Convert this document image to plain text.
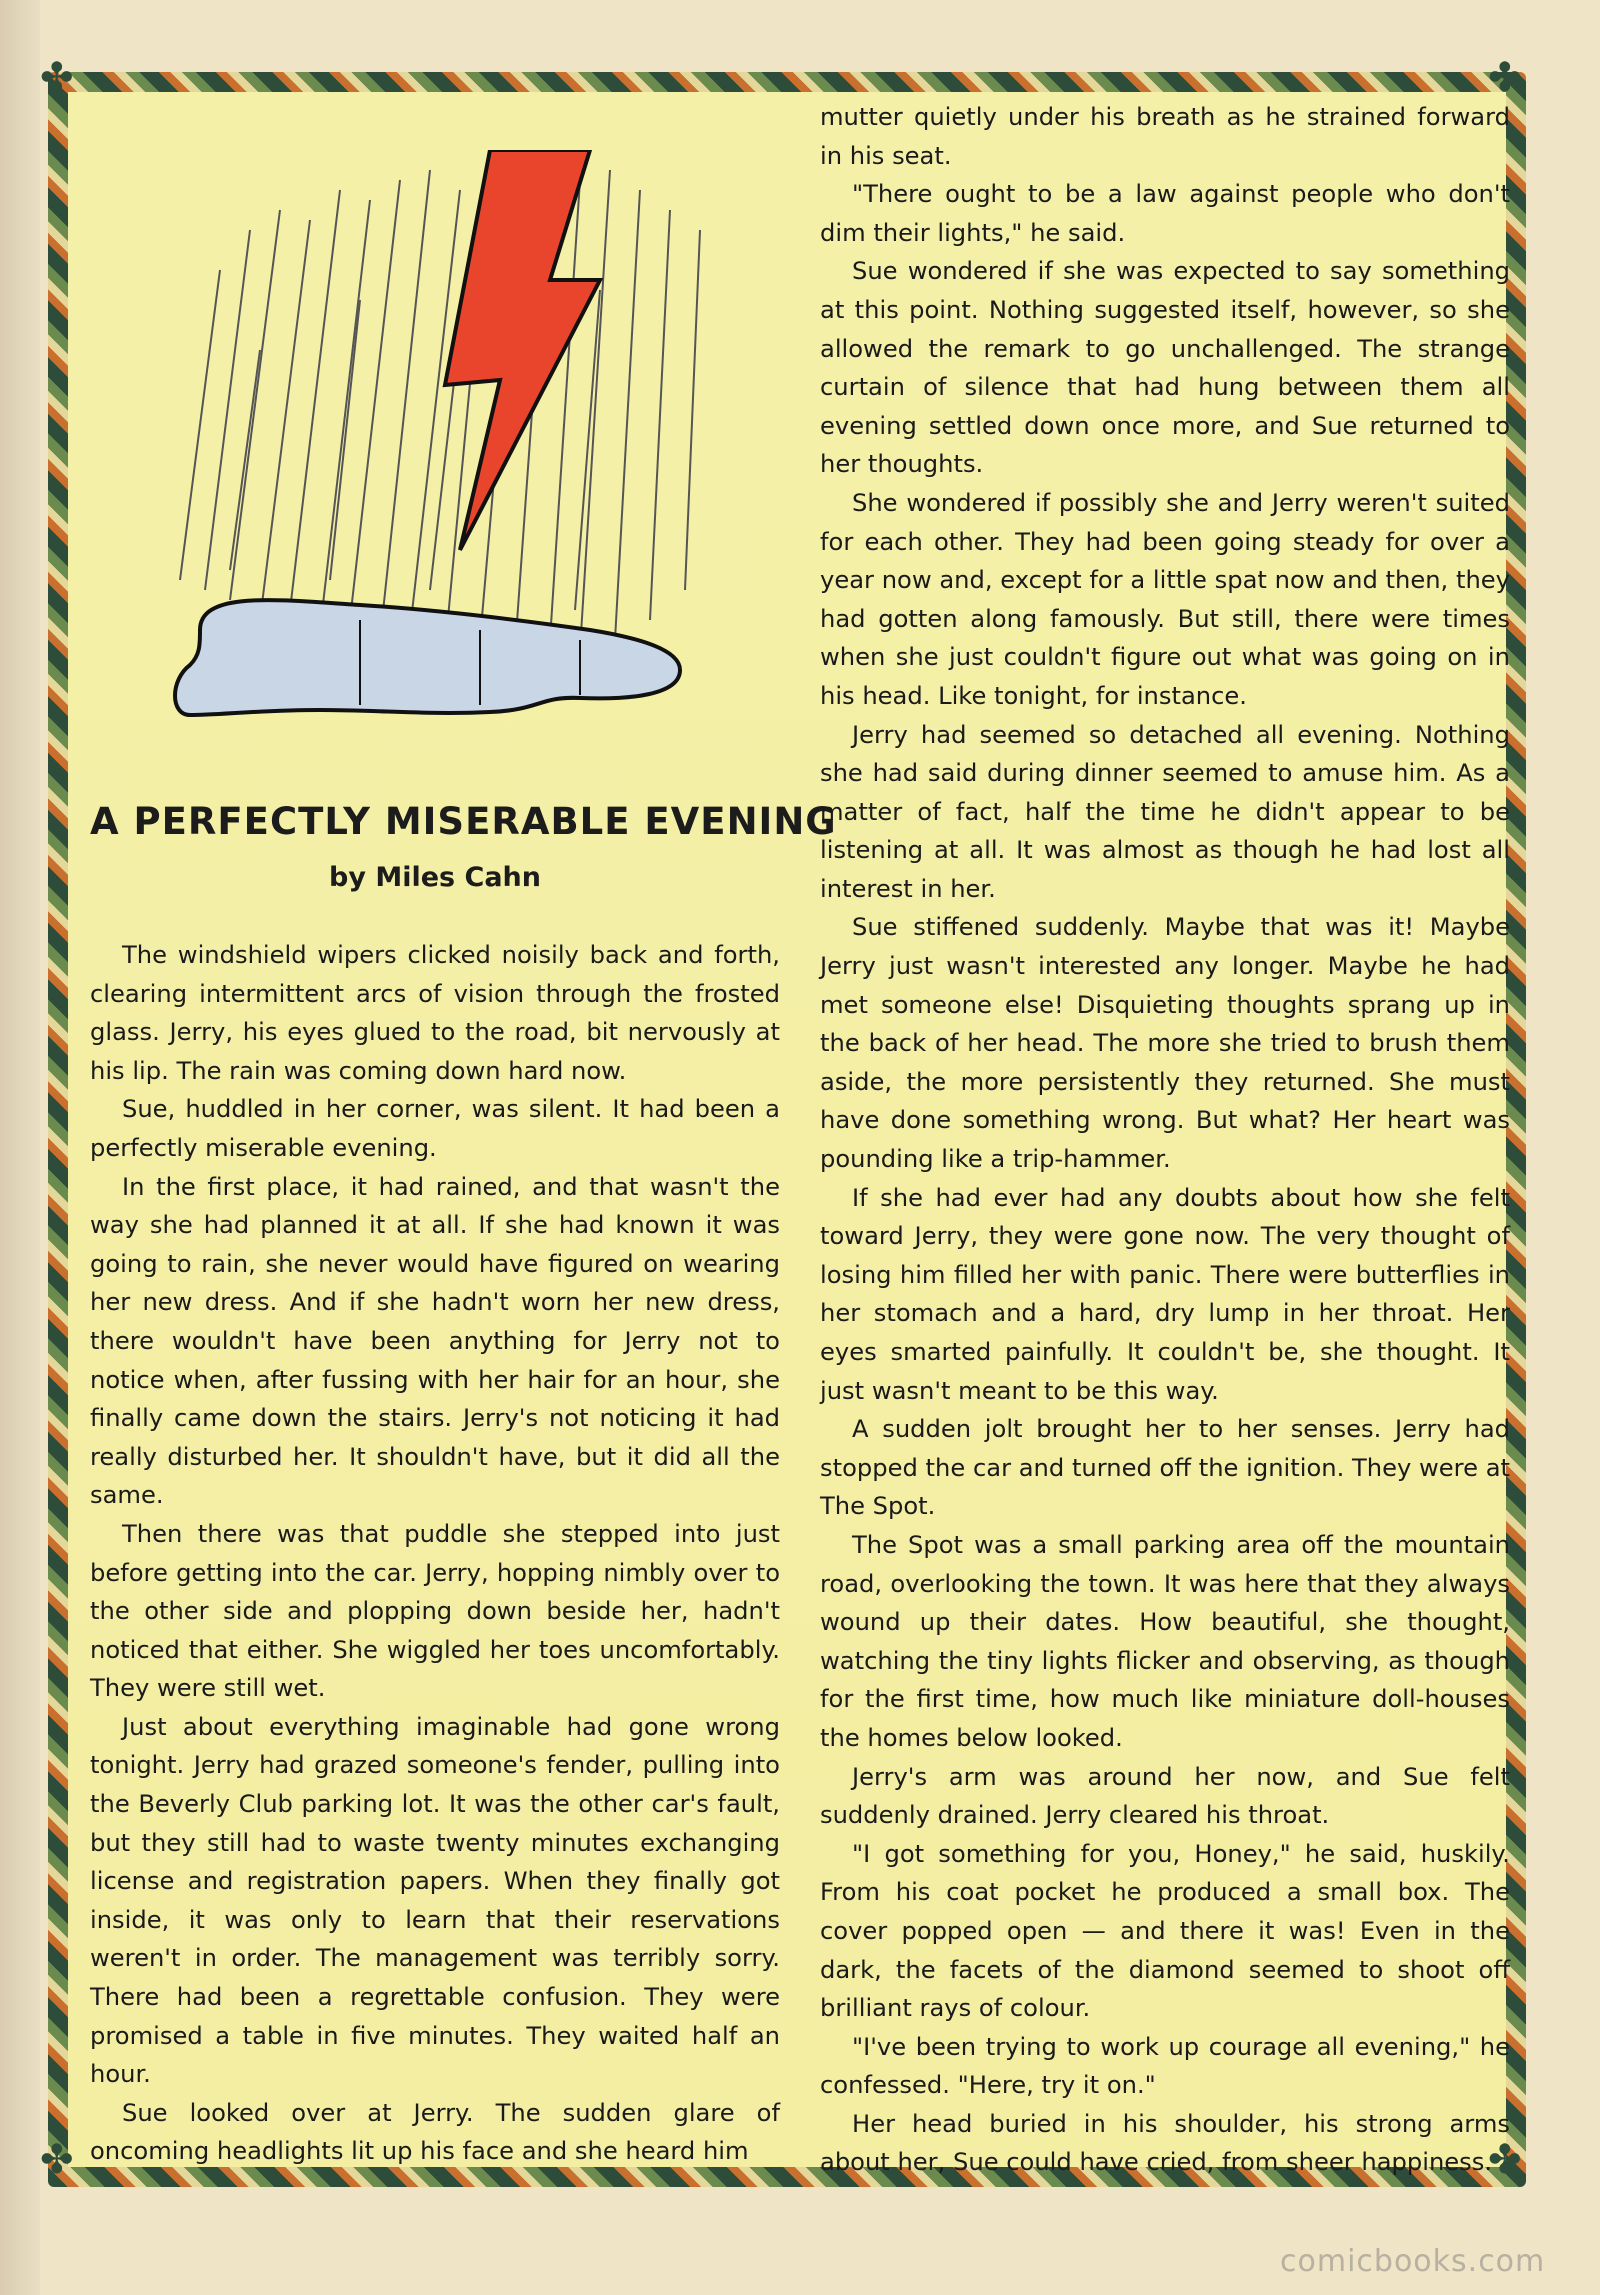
✤	✤
✤	✤
A PERFECTLY MISERABLE EVENING
by Miles Cahn

The windshield wipers clicked noisily back and forth, clearing intermittent arcs of vision through the frosted glass. Jerry, his eyes glued to the road, bit nervously at his lip. The rain was coming down hard now.

Sue, huddled in her corner, was silent. It had been a perfectly miserable evening.

In the first place, it had rained, and that wasn't the way she had planned it at all. If she had known it was going to rain, she never would have figured on wearing her new dress. And if she hadn't worn her new dress, there wouldn't have been anything for Jerry not to notice when, after fussing with her hair for an hour, she finally came down the stairs. Jerry's not noticing it had really disturbed her. It shouldn't have, but it did all the same.

Then there was that puddle she stepped into just before getting into the car. Jerry, hopping nimbly over to the other side and plopping down beside her, hadn't noticed that either. She wiggled her toes uncomfortably. They were still wet.

Just about everything imaginable had gone wrong tonight. Jerry had grazed someone's fender, pulling into the Beverly Club parking lot. It was the other car's fault, but they still had to waste twenty minutes exchanging license and registration papers. When they finally got inside, it was only to learn that their reservations weren't in order. The management was terribly sorry. There had been a regrettable confusion. They were promised a table in five minutes. They waited half an hour.

Sue looked over at Jerry. The sudden glare of oncoming headlights lit up his face and she heard him

mutter quietly under his breath as he strained forward in his seat.

"There ought to be a law against people who don't dim their lights," he said.

Sue wondered if she was expected to say something at this point. Nothing suggested itself, however, so she allowed the remark to go unchallenged. The strange curtain of silence that had hung between them all evening settled down once more, and Sue returned to her thoughts.

She wondered if possibly she and Jerry weren't suited for each other. They had been going steady for over a year now and, except for a little spat now and then, they had gotten along famously. But still, there were times when she just couldn't figure out what was going on in his head. Like tonight, for instance.

Jerry had seemed so detached all evening. Nothing she had said during dinner seemed to amuse him. As a matter of fact, half the time he didn't appear to be listening at all. It was almost as though he had lost all interest in her.

Sue stiffened suddenly. Maybe that was it! Maybe Jerry just wasn't interested any longer. Maybe he had met someone else! Disquieting thoughts sprang up in the back of her head. The more she tried to brush them aside, the more persistently they returned. She must have done something wrong. But what? Her heart was pounding like a trip-hammer.

If she had ever had any doubts about how she felt toward Jerry, they were gone now. The very thought of losing him filled her with panic. There were butterflies in her stomach and a hard, dry lump in her throat. Her eyes smarted painfully. It couldn't be, she thought. It just wasn't meant to be this way.

A sudden jolt brought her to her senses. Jerry had stopped the car and turned off the ignition. They were at The Spot.

The Spot was a small parking area off the mountain road, overlooking the town. It was here that they always wound up their dates. How beautiful, she thought, watching the tiny lights flicker and observing, as though for the first time, how much like miniature doll-houses the homes below looked.

Jerry's arm was around her now, and Sue felt suddenly drained. Jerry cleared his throat.

"I got something for you, Honey," he said, huskily. From his coat pocket he produced a small box. The cover popped open — and there it was! Even in the dark, the facets of the diamond seemed to shoot off brilliant rays of colour.

"I've been trying to work up courage all evening," he confessed. "Here, try it on."

Her head buried in his shoulder, his strong arms about her, Sue could have cried, from sheer happiness.

comicbooks.com
